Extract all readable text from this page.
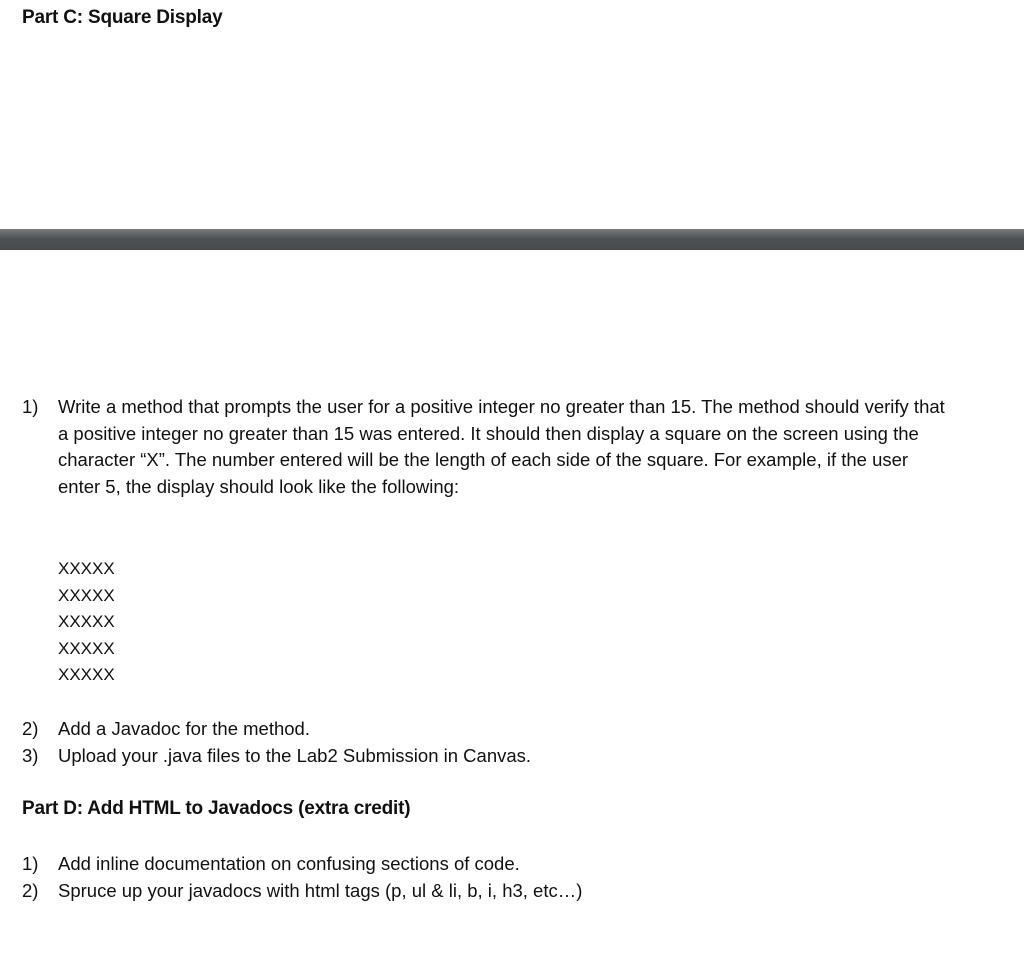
Part C: Square Display
1)	Write a method that prompts the user for a positive integer no greater than 15. The method should verify that a positive integer no greater than 15 was entered. It should then display a square on the screen using the character “X”. The number entered will be the length of each side of the square. For example, if the user enter 5, the display should look like the following:
XXXXX
XXXXX
XXXXX
XXXXX
XXXXX
2)	Add a Javadoc for the method.
3)	Upload your .java files to the Lab2 Submission in Canvas.
Part D: Add HTML to Javadocs (extra credit)
1)	Add inline documentation on confusing sections of code.
2)	Spruce up your javadocs with html tags (p, ul & li, b, i, h3, etc…)
